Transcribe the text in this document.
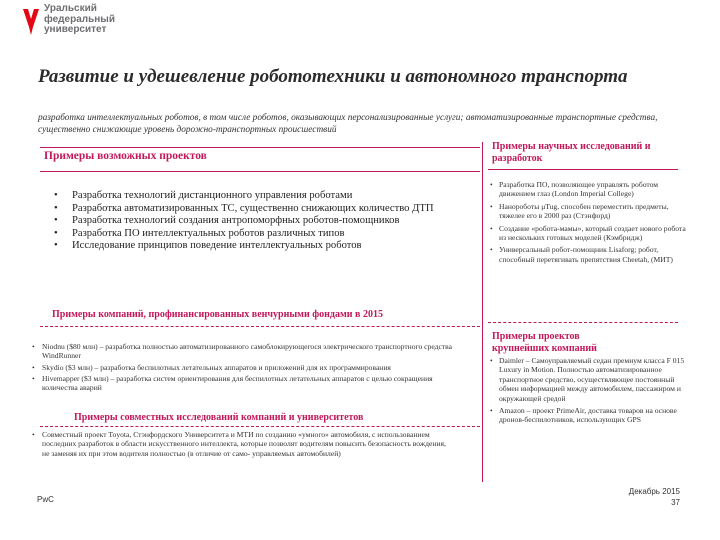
Уральский
федеральный
университет
Развитие и удешевление робототехники и автономного транспорта
разработка интеллектуальных роботов, в том числе роботов, оказывающих персонализированные услуги; автоматизированные транспортные средства, существенно снижающие уровень дорожно-транспортных происшествий
Примеры возможных проектов
• Разработка технологий дистанционного управления роботами
• Разработка автоматизированных ТС, существенно снижающих количество ДТП
• Разработка технологий создания антропоморфных роботов-помощников
• Разработка ПО интеллектуальных роботов различных типов
• Исследование принципов поведение интеллектуальных роботов
Примеры компаний, профинансированных венчурными фондами в 2015
• Niodnu ($80 млн) – разработка полностью автоматизированного самоблокирующегося электрического транспортного средства WindRunner
• Skydio ($3 млн) – разработка беспилотных летательных аппаратов и приложений для их программирования
• Hivemapper ($3 млн) – разработка систем ориентирования для беспилотных летательных аппаратов с целью сокращения количества аварий
Примеры совместных исследований компаний и университетов
• Совместный проект Toyota, Стэнфордского Университета и МТИ по созданию «умного» автомобиля, с использованием последних разработок в области искусственного интеллекта, которые позволят водителям повысить безопасность вождения, не заменяя их при этом водителя полностью (в отличие от само- управляемых автомобилей)
Примеры научных исследований и разработок
• Разработка ПО, позволяющее управлять роботом движением глаз (London Imperial College)
• Нанороботы μTug, способен переместить предметы, тяжелее его в 2000 раз (Стэнфорд)
• Создание «робота-мамы», который создает нового робота из нескольких готовых моделей (Кэмбридж)
• Универсальный робот-помощник Lisaforg; робот, способный перетягивать препятствия Cheetah, (МИТ)
Примеры проектов крупнейших компаний
• Daimler – Самоуправляемый седан премиум класса F 015 Luxury in Motion. Полностью автоматизированное транспортное средство, осуществляющее постоянный обмен информацией между автомобилем, пассажиром и окружающей средой
• Amazon – проект PrimeAir, доставка товаров на основе дронов-беспилотников, использующих GPS
PwC
Декабрь 2015
37
